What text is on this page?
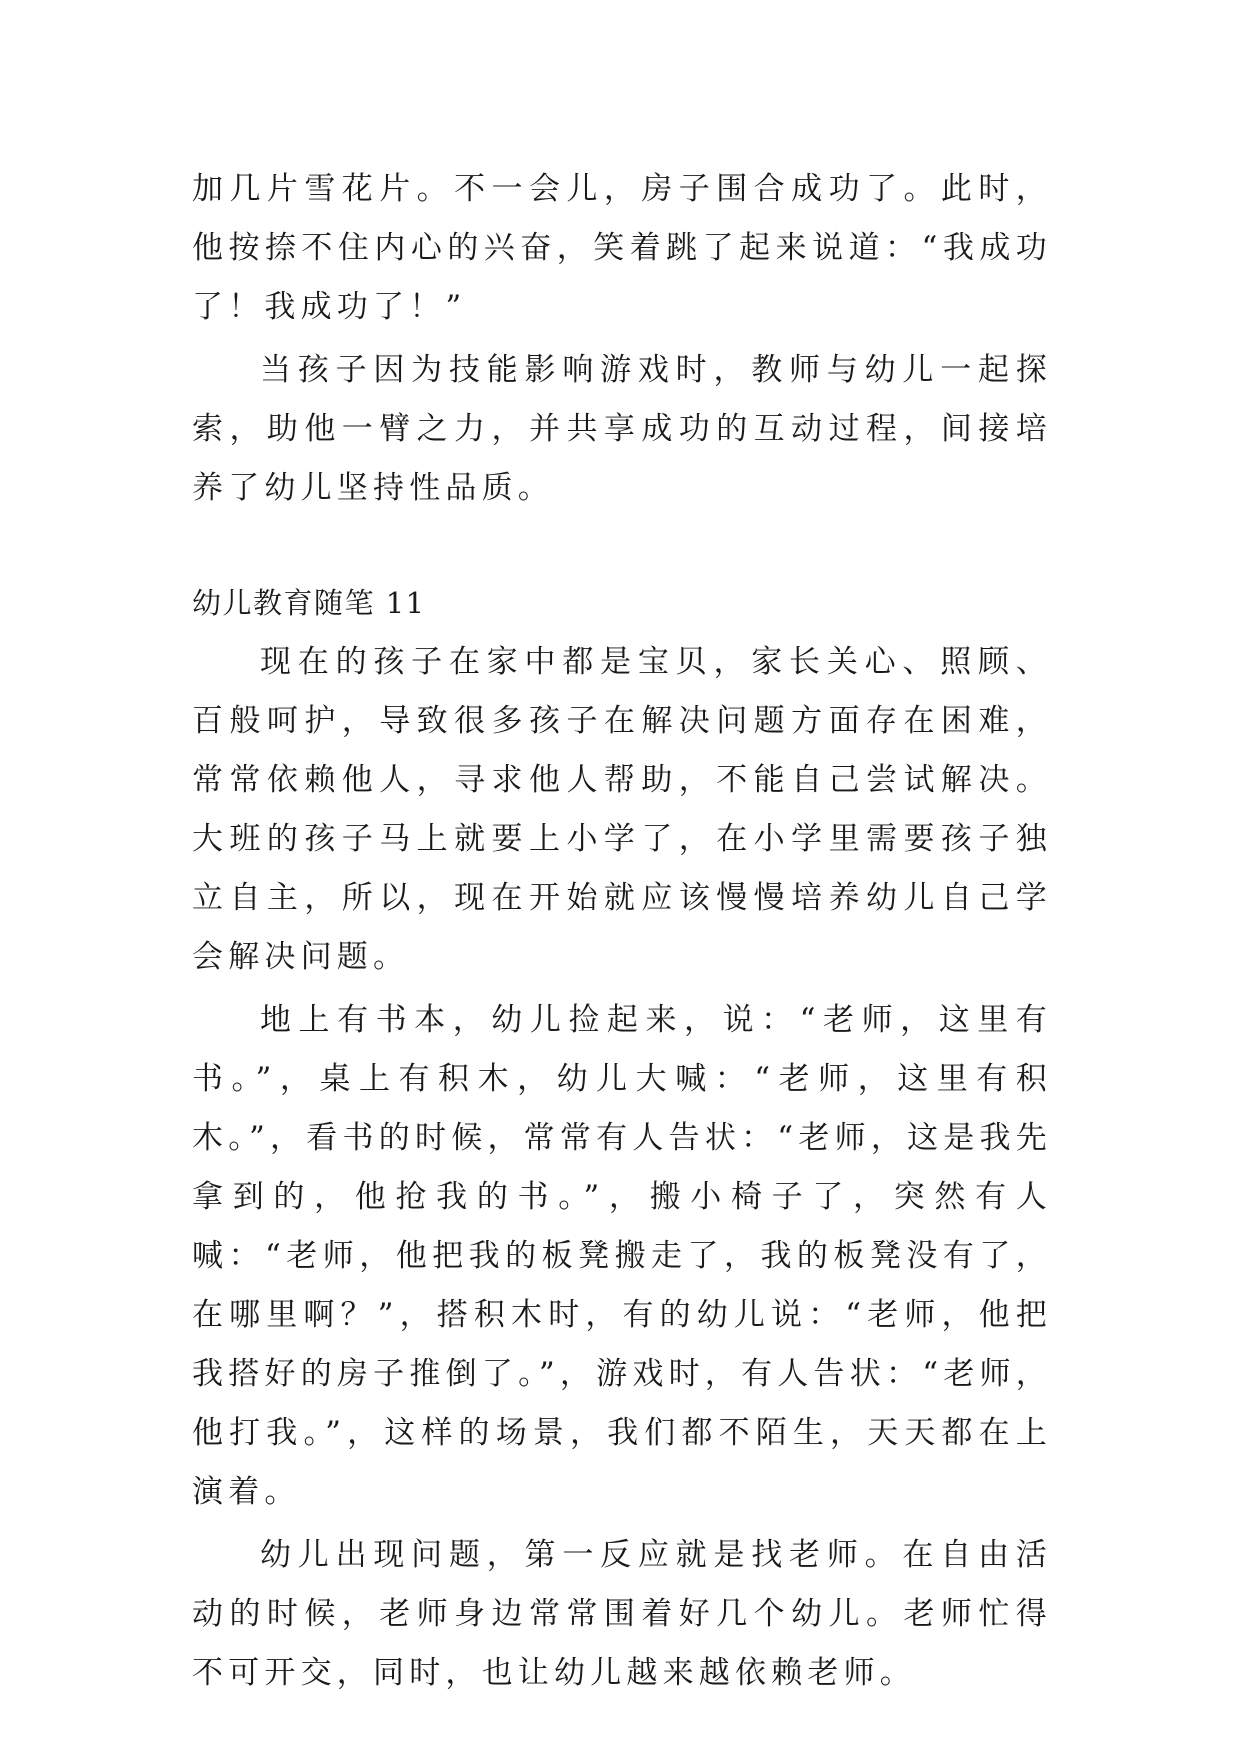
加几片雪花片。不一会儿，房子围合成功了。此时，他按捺不住内心的兴奋，笑着跳了起来说道：“我成功了！我成功了！”

当孩子因为技能影响游戏时，教师与幼儿一起探索，助他一臂之力，并共享成功的互动过程，间接培养了幼儿坚持性品质。

幼儿教育随笔 11

现在的孩子在家中都是宝贝，家长关心、照顾、百般呵护，导致很多孩子在解决问题方面存在困难，常常依赖他人，寻求他人帮助，不能自己尝试解决。大班的孩子马上就要上小学了，在小学里需要孩子独立自主，所以，现在开始就应该慢慢培养幼儿自己学会解决问题。

地上有书本，幼儿捡起来，说：“老师，这里有书。”，桌上有积木，幼儿大喊：“老师，这里有积木。”，看书的时候，常常有人告状：“老师，这是我先拿到的，他抢我的书。”，搬小椅子了，突然有人喊：“老师，他把我的板凳搬走了，我的板凳没有了，在哪里啊？”，搭积木时，有的幼儿说：“老师，他把我搭好的房子推倒了。”，游戏时，有人告状：“老师，他打我。”，这样的场景，我们都不陌生，天天都在上演着。

幼儿出现问题，第一反应就是找老师。在自由活动的时候，老师身边常常围着好几个幼儿。老师忙得不可开交，同时，也让幼儿越来越依赖老师。
